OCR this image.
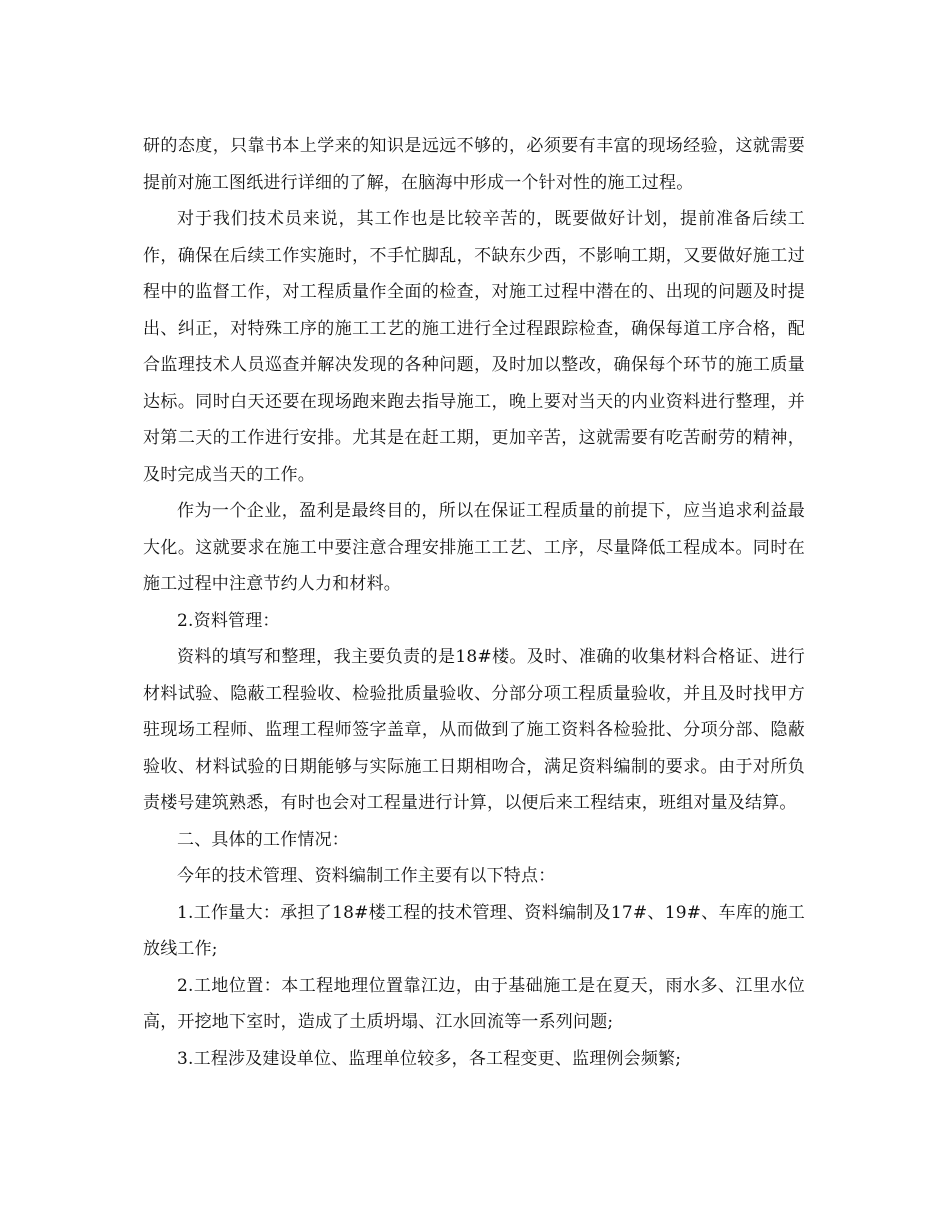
研的态度，只靠书本上学来的知识是远远不够的，必须要有丰富的现场经验，这就需要提前对施工图纸进行详细的了解，在脑海中形成一个针对性的施工过程。

对于我们技术员来说，其工作也是比较辛苦的，既要做好计划，提前准备后续工作，确保在后续工作实施时，不手忙脚乱，不缺东少西，不影响工期，又要做好施工过程中的监督工作，对工程质量作全面的检查，对施工过程中潜在的、出现的问题及时提出、纠正，对特殊工序的施工工艺的施工进行全过程跟踪检查，确保每道工序合格，配合监理技术人员巡查并解决发现的各种问题，及时加以整改，确保每个环节的施工质量达标。同时白天还要在现场跑来跑去指导施工，晚上要对当天的内业资料进行整理，并对第二天的工作进行安排。尤其是在赶工期，更加辛苦，这就需要有吃苦耐劳的精神，及时完成当天的工作。

作为一个企业，盈利是最终目的，所以在保证工程质量的前提下，应当追求利益最大化。这就要求在施工中要注意合理安排施工工艺、工序，尽量降低工程成本。同时在施工过程中注意节约人力和材料。

2.资料管理：

资料的填写和整理，我主要负责的是18#楼。及时、准确的收集材料合格证、进行材料试验、隐蔽工程验收、检验批质量验收、分部分项工程质量验收，并且及时找甲方驻现场工程师、监理工程师签字盖章，从而做到了施工资料各检验批、分项分部、隐蔽验收、材料试验的日期能够与实际施工日期相吻合，满足资料编制的要求。由于对所负责楼号建筑熟悉，有时也会对工程量进行计算，以便后来工程结束，班组对量及结算。

二、具体的工作情况：

今年的技术管理、资料编制工作主要有以下特点：

1.工作量大：承担了18#楼工程的技术管理、资料编制及17#、19#、车库的施工放线工作;

2.工地位置：本工程地理位置靠江边，由于基础施工是在夏天，雨水多、江里水位高，开挖地下室时，造成了土质坍塌、江水回流等一系列问题;

3.工程涉及建设单位、监理单位较多，各工程变更、监理例会频繁;
